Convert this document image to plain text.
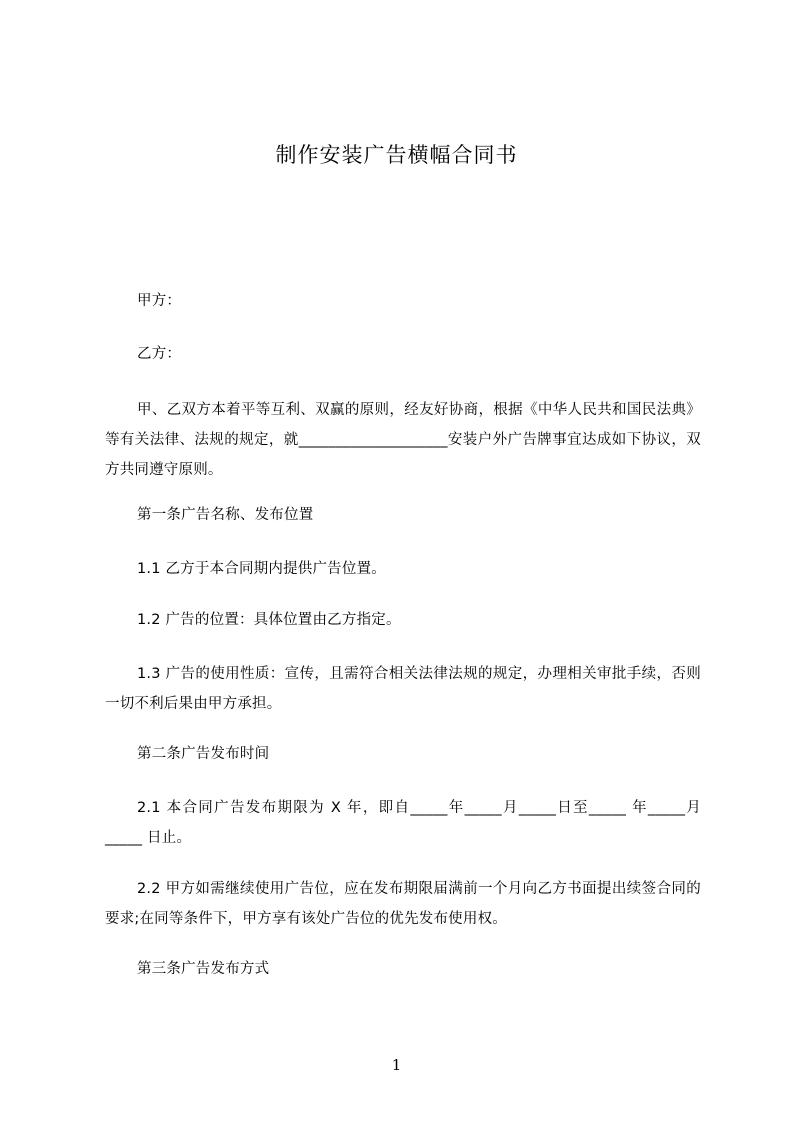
制作安装广告横幅合同书
甲方：
乙方：
甲、乙双方本着平等互利、双赢的原则，经友好协商，根据《中华人民共和国民法典》等有关法律、法规的规定，就____________________安装户外广告牌事宜达成如下协议，双方共同遵守原则。
第一条广告名称、发布位置
1.1 乙方于本合同期内提供广告位置。
1.2 广告的位置：具体位置由乙方指定。
1.3 广告的使用性质：宣传，且需符合相关法律法规的规定，办理相关审批手续，否则一切不利后果由甲方承担。
第二条广告发布时间
2.1 本合同广告发布期限为 X 年，即自_____年_____月_____日至_____ 年_____月_____ 日止。
2.2 甲方如需继续使用广告位，应在发布期限届满前一个月向乙方书面提出续签合同的要求;在同等条件下，甲方享有该处广告位的优先发布使用权。
第三条广告发布方式
1
